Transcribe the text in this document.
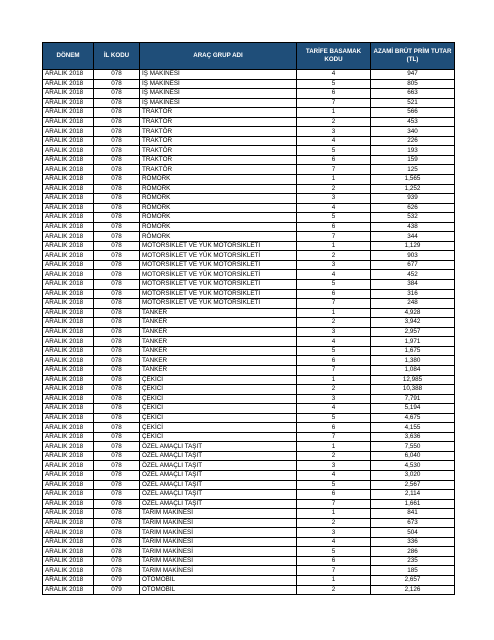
DÖNEM	İL KODU	ARAÇ GRUP ADI	TARİFE BASAMAK KODU	AZAMİ BRÜT PRİM TUTAR (TL)
ARALIK 2018	078	İŞ MAKİNESİ	4	947
ARALIK 2018	078	İŞ MAKİNESİ	5	805
ARALIK 2018	078	İŞ MAKİNESİ	6	663
ARALIK 2018	078	İŞ MAKİNESİ	7	521
ARALIK 2018	078	TRAKTÖR	1	566
ARALIK 2018	078	TRAKTÖR	2	453
ARALIK 2018	078	TRAKTÖR	3	340
ARALIK 2018	078	TRAKTÖR	4	226
ARALIK 2018	078	TRAKTÖR	5	193
ARALIK 2018	078	TRAKTÖR	6	159
ARALIK 2018	078	TRAKTÖR	7	125
ARALIK 2018	078	RÖMORK	1	1,565
ARALIK 2018	078	RÖMORK	2	1,252
ARALIK 2018	078	RÖMORK	3	939
ARALIK 2018	078	RÖMORK	4	626
ARALIK 2018	078	RÖMORK	5	532
ARALIK 2018	078	RÖMORK	6	438
ARALIK 2018	078	RÖMORK	7	344
ARALIK 2018	078	MOTORSİKLET VE YÜK MOTORSİKLETİ	1	1,129
ARALIK 2018	078	MOTORSİKLET VE YÜK MOTORSİKLETİ	2	903
ARALIK 2018	078	MOTORSİKLET VE YÜK MOTORSİKLETİ	3	677
ARALIK 2018	078	MOTORSİKLET VE YÜK MOTORSİKLETİ	4	452
ARALIK 2018	078	MOTORSİKLET VE YÜK MOTORSİKLETİ	5	384
ARALIK 2018	078	MOTORSİKLET VE YÜK MOTORSİKLETİ	6	316
ARALIK 2018	078	MOTORSİKLET VE YÜK MOTORSİKLETİ	7	248
ARALIK 2018	078	TANKER	1	4,928
ARALIK 2018	078	TANKER	2	3,942
ARALIK 2018	078	TANKER	3	2,957
ARALIK 2018	078	TANKER	4	1,971
ARALIK 2018	078	TANKER	5	1,675
ARALIK 2018	078	TANKER	6	1,380
ARALIK 2018	078	TANKER	7	1,084
ARALIK 2018	078	ÇEKİCİ	1	12,985
ARALIK 2018	078	ÇEKİCİ	2	10,388
ARALIK 2018	078	ÇEKİCİ	3	7,791
ARALIK 2018	078	ÇEKİCİ	4	5,194
ARALIK 2018	078	ÇEKİCİ	5	4,675
ARALIK 2018	078	ÇEKİCİ	6	4,155
ARALIK 2018	078	ÇEKİCİ	7	3,636
ARALIK 2018	078	ÖZEL AMAÇLI TAŞIT	1	7,550
ARALIK 2018	078	ÖZEL AMAÇLI TAŞIT	2	6,040
ARALIK 2018	078	ÖZEL AMAÇLI TAŞIT	3	4,530
ARALIK 2018	078	ÖZEL AMAÇLI TAŞIT	4	3,020
ARALIK 2018	078	ÖZEL AMAÇLI TAŞIT	5	2,567
ARALIK 2018	078	ÖZEL AMAÇLI TAŞIT	6	2,114
ARALIK 2018	078	ÖZEL AMAÇLI TAŞIT	7	1,661
ARALIK 2018	078	TARIM MAKİNESİ	1	841
ARALIK 2018	078	TARIM MAKİNESİ	2	673
ARALIK 2018	078	TARIM MAKİNESİ	3	504
ARALIK 2018	078	TARIM MAKİNESİ	4	336
ARALIK 2018	078	TARIM MAKİNESİ	5	286
ARALIK 2018	078	TARIM MAKİNESİ	6	235
ARALIK 2018	078	TARIM MAKİNESİ	7	185
ARALIK 2018	079	OTOMOBİL	1	2,657
ARALIK 2018	079	OTOMOBİL	2	2,126
